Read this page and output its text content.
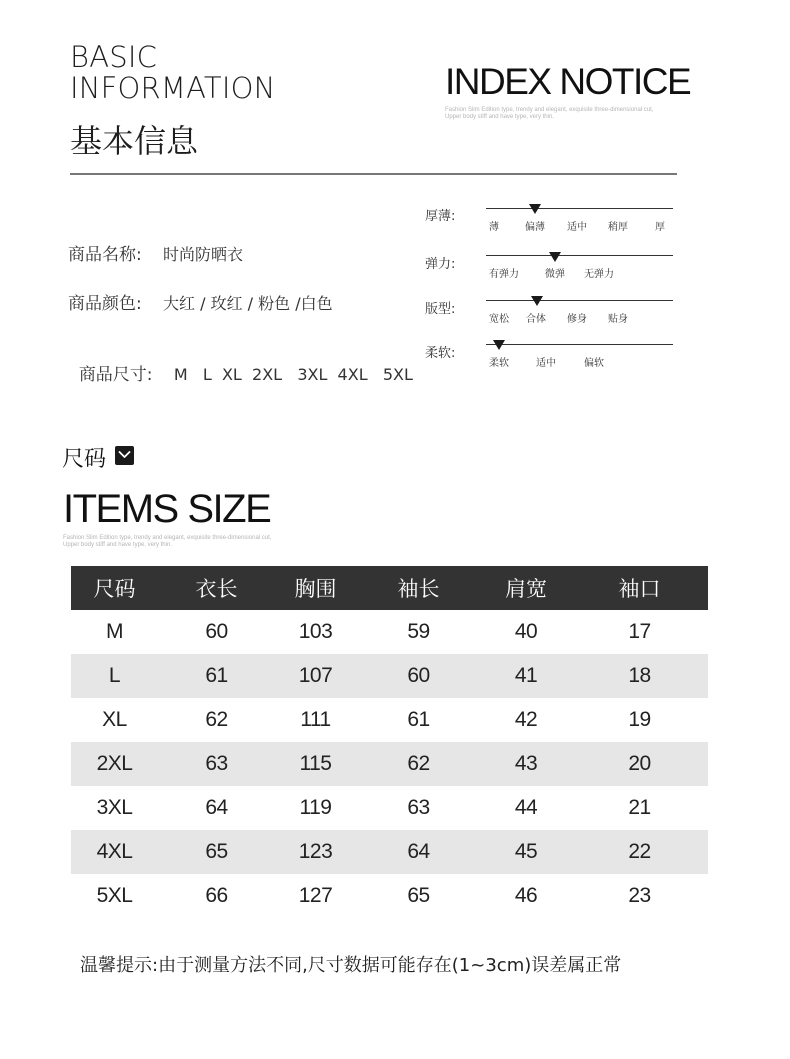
BASIC
INFORMATION
基本信息
INDEX NOTICE
Fashion Slim Edition type, trendy and elegant, exquisite three-dimensional cut,
Upper body stiff and have type, very thin.
商品名称: 时尚防晒衣
商品颜色: 大红 / 玫红 / 粉色 /白色

商品尺寸: M   L  XL  2XL   3XL  4XL   5XL

厚薄:
薄	偏薄 适中 稍厚	厚
弹力:
有弹力	微弹 无弹力
版型:
宽松 合体 修身 贴身
柔软:
柔软	适中	偏软
尺码
ITEMS SIZE
Fashion Slim Edition type, trendy and elegant, exquisite three-dimensional cut,
Upper body stiff and have type, very thin.
尺码	衣长	胸围	袖长	肩宽	袖口
M	60	103	59	40	17
L	61	107	60	41	18
XL	62	111	61	42	19
2XL	63	115	62	43	20
3XL	64	119	63	44	21
4XL	65	123	64	45	22
5XL	66	127	65	46	23
温馨提示:由于测量方法不同,尺寸数据可能存在(1~3cm)误差属正常
